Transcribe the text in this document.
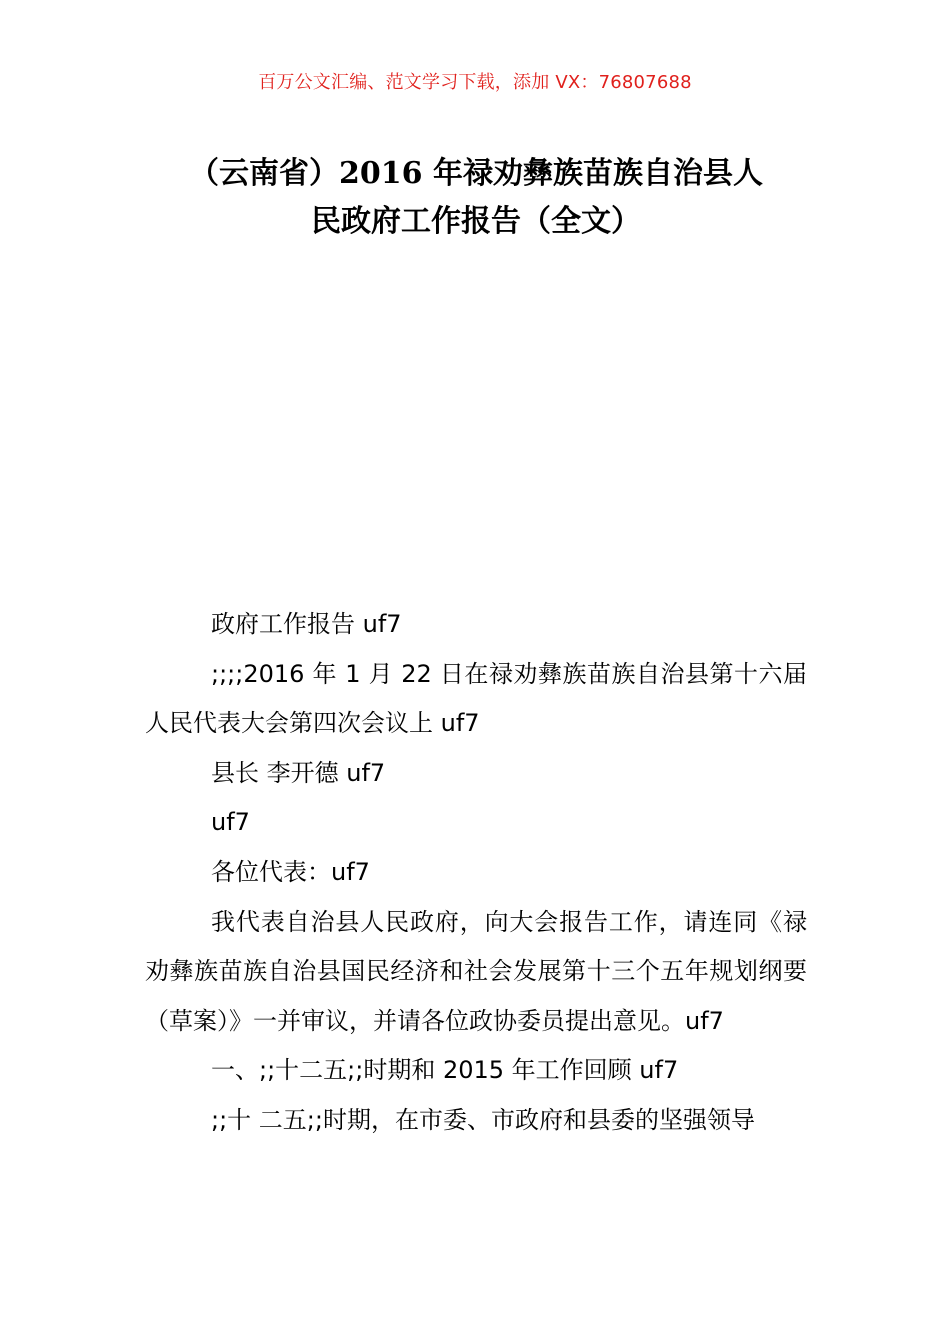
百万公文汇编、范文学习下载，添加 VX：76807688
（云南省）2016 年禄劝彝族苗族自治县人
民政府工作报告（全文）

政府工作报告 uf7

;;;;2016 年 1 月 22 日在禄劝彝族苗族自治县第十六届人民代表大会第四次会议上 uf7

县长 李开德 uf7

uf7

各位代表：uf7

我代表自治县人民政府，向大会报告工作，请连同《禄劝彝族苗族自治县国民经济和社会发展第十三个五年规划纲要（草案）》一并审议，并请各位政协委员提出意见。uf7

一、;;十二五;;时期和 2015 年工作回顾 uf7

;;十 二五;;时期，在市委、市政府和县委的坚强领导
